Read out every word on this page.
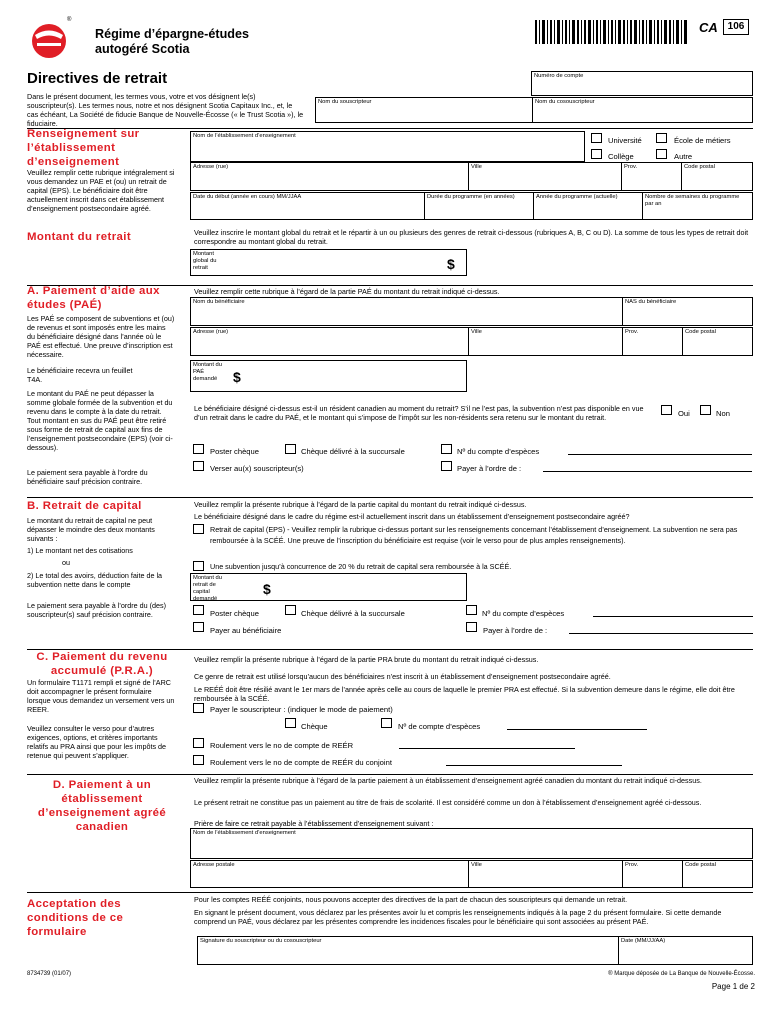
®
Régime d’épargne-études
autogéré Scotia
CA 106
Directives de retrait
Dans le présent document, les termes vous, votre et vos désignent le(s) souscripteur(s). Les termes nous, notre et nos désignent Scotia Capitaux Inc., et, le cas échéant, La Société de fiducie Banque de Nouvelle-Écosse (« le Trust Scotia »), le fiduciaire.
Numéro de compte
Nom du souscripteur	Nom du cosouscripteur
Renseignement sur l’établissement d’enseignement
Veuillez remplir cette rubrique intégralement si vous demandez un PAE et (ou) un retrait de capital (EPS). Le bénéficiaire doit être actuellement inscrit dans cet établissement d’enseignement postsecondaire agréé.
Nom de l’établissement d’enseignement	Université	École de métiers
Collège	Autre
Adresse (rue)	Ville	Prov.	Code postal
Date du début (année en cours) MM/JJAA	Durée du programme (en années)	Année du programme (actuelle)	Nombre de semaines du programme par an
Montant du retrait	Veuillez inscrire le montant global du retrait et le répartir à un ou plusieurs des genres de retrait ci-dessous (rubriques A, B, C ou D). La somme de tous les types de retrait doit correspondre au montant global du retrait.
Montant global du retrait	$
A. Paiement d’aide aux études (PAÉ)
Les PAÉ se composent de subventions et (ou) de revenus et sont imposés entre les mains du bénéficiaire désigné dans l’année où le PAÉ est effectué. Une preuve d’inscription est nécessaire.
Le bénéficiaire recevra un feuillet T4A.
Le montant du PAÉ ne peut dépasser la somme globale formée de la subvention et du revenu dans le compte à la date du retrait. Tout montant en sus du PAÉ peut être retiré sous forme de retrait de capital aux fins de l’enseignement postsecondaire (EPS) (voir ci-dessous).
Le paiement sera payable à l’ordre du bénéficiaire sauf précision contraire.
Veuillez remplir cette rubrique à l’égard de la partie PAÉ du montant du retrait indiqué ci-dessus.
Nom du bénéficiaire	NAS du bénéficiaire
Adresse (rue)	Ville	Prov.	Code postal
Montant du PAÉ demandé	$
Le bénéficiaire désigné ci-dessus est-il un résident canadien au moment du retrait? S’il ne l’est pas, la subvention n’est pas disponible en vue d’un retrait dans le cadre du PAÉ, et le montant qui s’impose de l’impôt sur les non-résidents sera retenu sur le montant du retrait.	Oui	Non
Poster chèque	Chèque délivré à la succursale	Nº du compte d’espèces
Verser au(x) souscripteur(s)	Payer à l’ordre de :
B. Retrait de capital
Le montant du retrait de capital ne peut dépasser le moindre des deux montants suivants :
1) Le montant net des cotisations
ou
2) Le total des avoirs, déduction faite de la subvention nette dans le compte
Le paiement sera payable à l’ordre du (des) souscripteur(s) sauf précision contraire.
Veuillez remplir la présente rubrique à l’égard de la partie capital du montant du retrait indiqué ci-dessus.
Le bénéficiaire désigné dans le cadre du régime est-il actuellement inscrit dans un établissement d’enseignement postsecondaire agréé?
Retrait de capital (EPS) - Veuillez remplir la rubrique ci-dessus portant sur les renseignements concernant l’établissement d’enseignement. La subvention ne sera pas remboursée à la SCÉÉ. Une preuve de l’inscription du bénéficiaire est requise (voir le verso pour de plus amples renseignements).
Une subvention jusqu’à concurrence de 20 % du retrait de capital sera remboursée à la SCÉÉ.
Montant du retrait de capital demandé
$
Poster chèque	Chèque délivré à la succursale	Nº du compte d’espèces
Payer au bénéficiaire	Payer à l’ordre de :
C. Paiement du revenu accumulé (P.R.A.)
Un formulaire T1171 rempli et signé de l’ARC doit accompagner le présent formulaire lorsque vous demandez un versement vers un REER.
Veuillez consulter le verso pour d’autres exigences, options, et critères importants relatifs au PRA ainsi que pour les impôts de retenue qui peuvent s’appliquer.
Veuillez remplir la présente rubrique à l’égard de la partie PRA brute du montant du retrait indiqué ci-dessus.
Ce genre de retrait est utilisé lorsqu’aucun des bénéficiaires n’est inscrit à un établissement d’enseignement postsecondaire agréé.
Le REÉÉ doit être résilié avant le 1er mars de l’année après celle au cours de laquelle le premier PRA est effectué. Si la subvention demeure dans le régime, elle doit être remboursée à la SCÉÉ.
Payer le souscripteur : (indiquer le mode de paiement)
Chèque	Nº de compte d’espèces
Roulement vers le no de compte de REÉR
Roulement vers le no de compte de REÉR du conjoint
D. Paiement à un établissement d’enseignement agréé canadien
Veuillez remplir la présente rubrique à l’égard de la partie paiement à un établissement d’enseignement agréé canadien du montant du retrait indiqué ci-dessus.
Le présent retrait ne constitue pas un paiement au titre de frais de scolarité. Il est considéré comme un don à l’établissement d’enseignement agréé ci-dessous.
Prière de faire ce retrait payable à l’établissement d’enseignement suivant :
Nom de l’établissement d’enseignement
Adresse postale	Ville	Prov.	Code postal
Acceptation des conditions de ce formulaire
Pour les comptes REÉÉ conjoints, nous pouvons accepter des directives de la part de chacun des souscripteurs qui demande un retrait.
En signant le présent document, vous déclarez par les présentes avoir lu et compris les renseignements indiqués à la page 2 du présent formulaire. Si cette demande comprend un PAÉ, vous déclarez par les présentes comprendre les incidences fiscales pour le bénéficiaire qui sont associées au présent PAÉ.
Signature du souscripteur ou du cosouscripteur	Date (MM/JJ/AA)
8734739 (01/07)	® Marque déposée de La Banque de Nouvelle-Écosse.
Page 1 de 2
